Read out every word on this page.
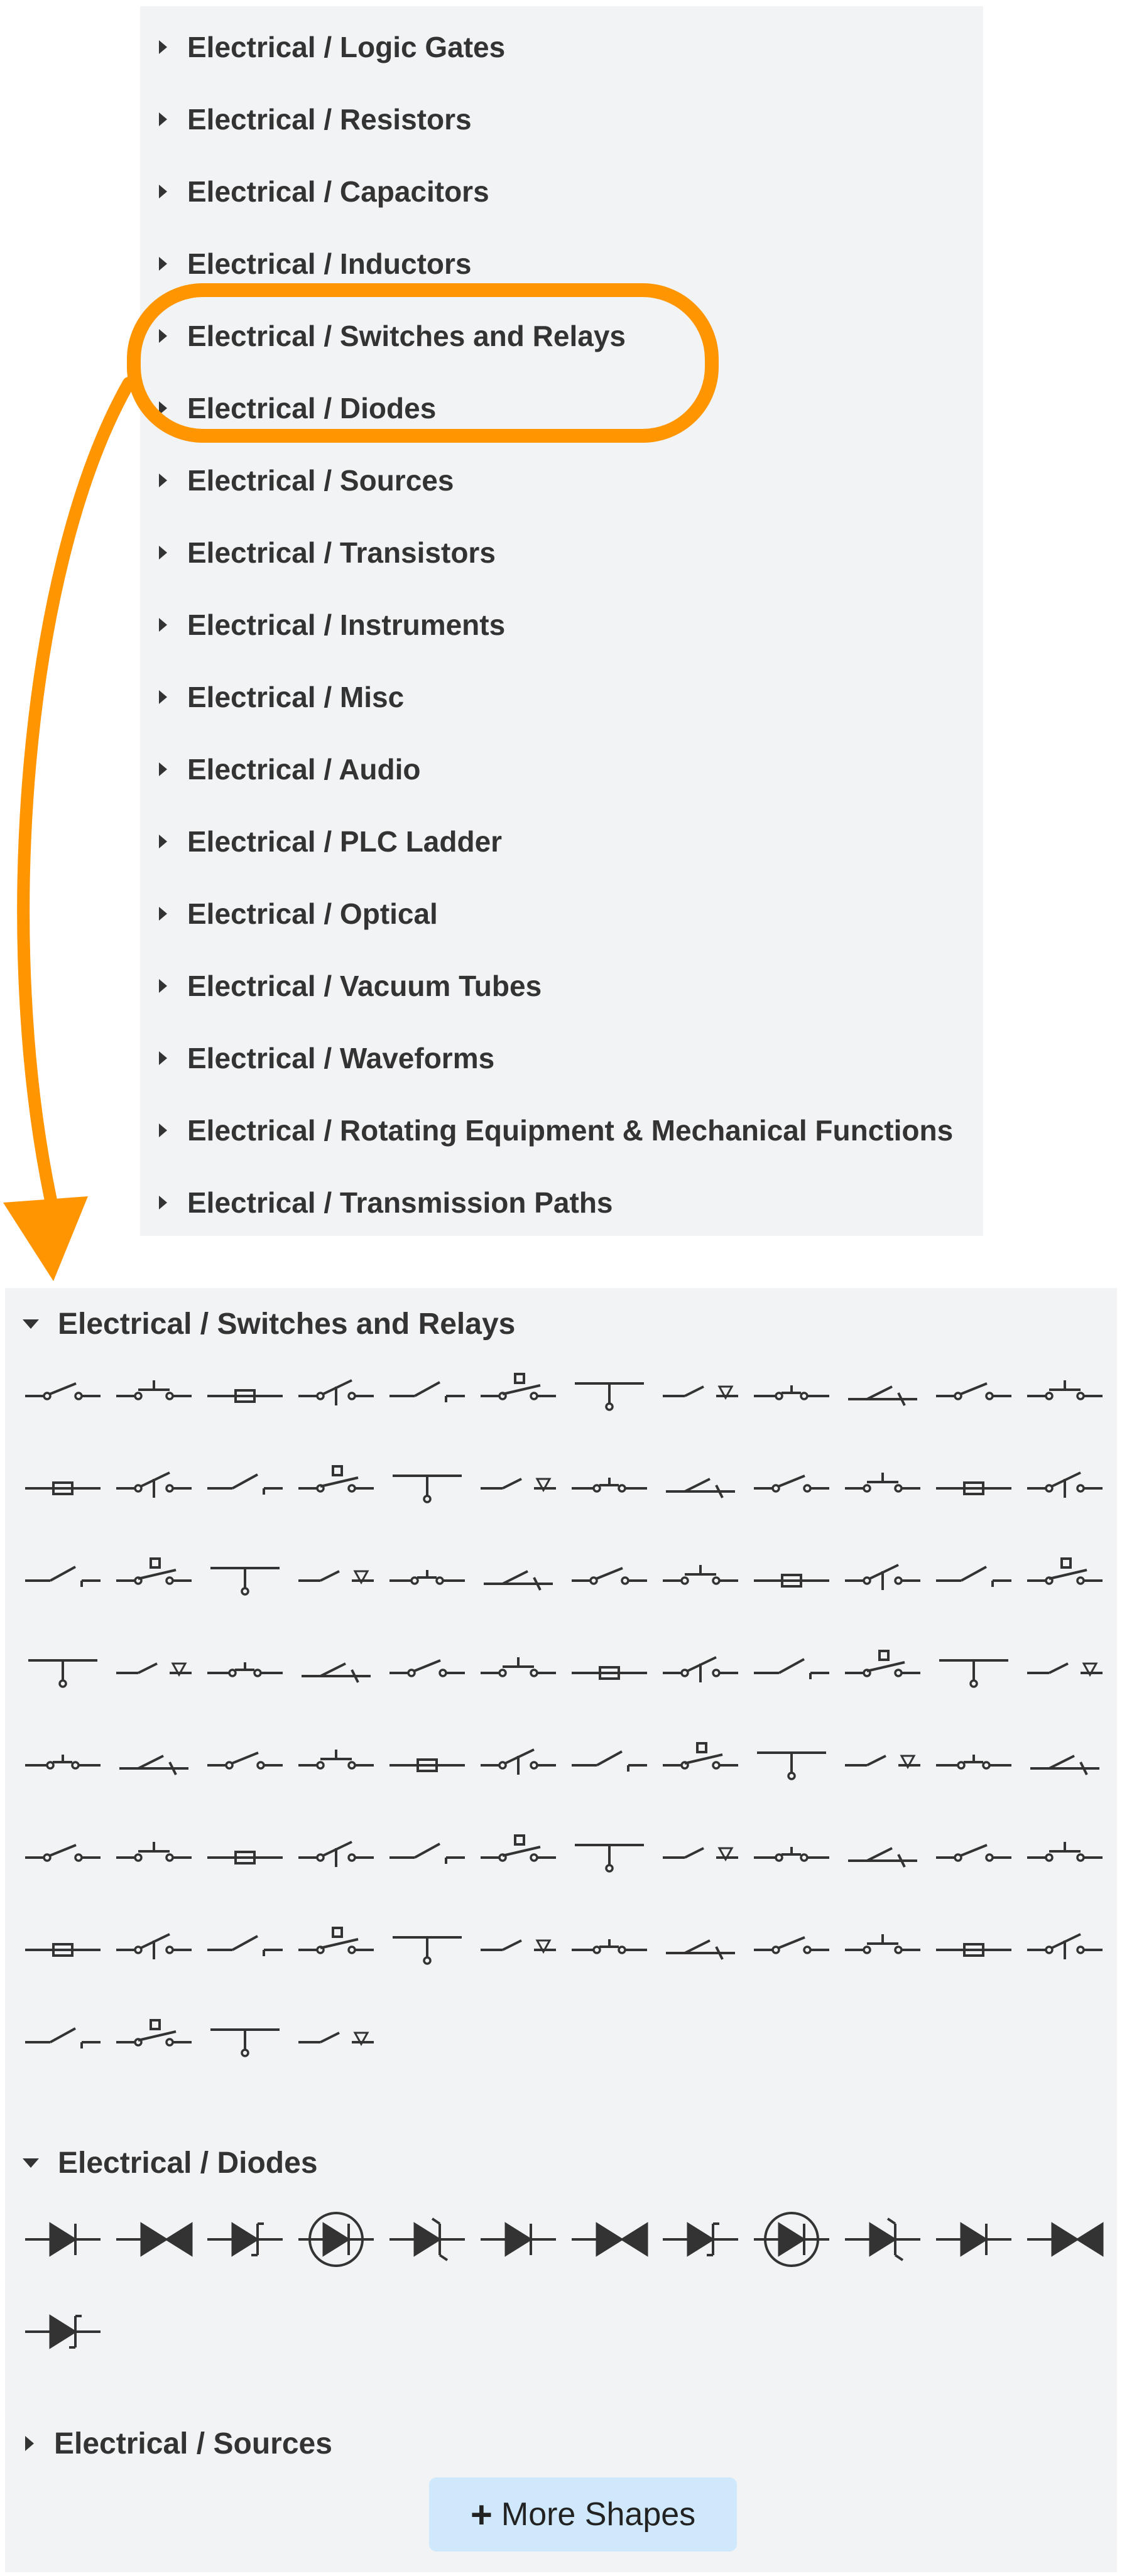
Electrical / Logic Gates
Electrical / Resistors
Electrical / Capacitors
Electrical / Inductors
Electrical / Switches and Relays
Electrical / Diodes
Electrical / Sources
Electrical / Transistors
Electrical / Instruments
Electrical / Misc
Electrical / Audio
Electrical / PLC Ladder
Electrical / Optical
Electrical / Vacuum Tubes
Electrical / Waveforms
Electrical / Rotating Equipment & Mechanical Functions
Electrical / Transmission Paths
Electrical / Switches and Relays
Electrical / Diodes
Electrical / Sources
+ More Shapes
